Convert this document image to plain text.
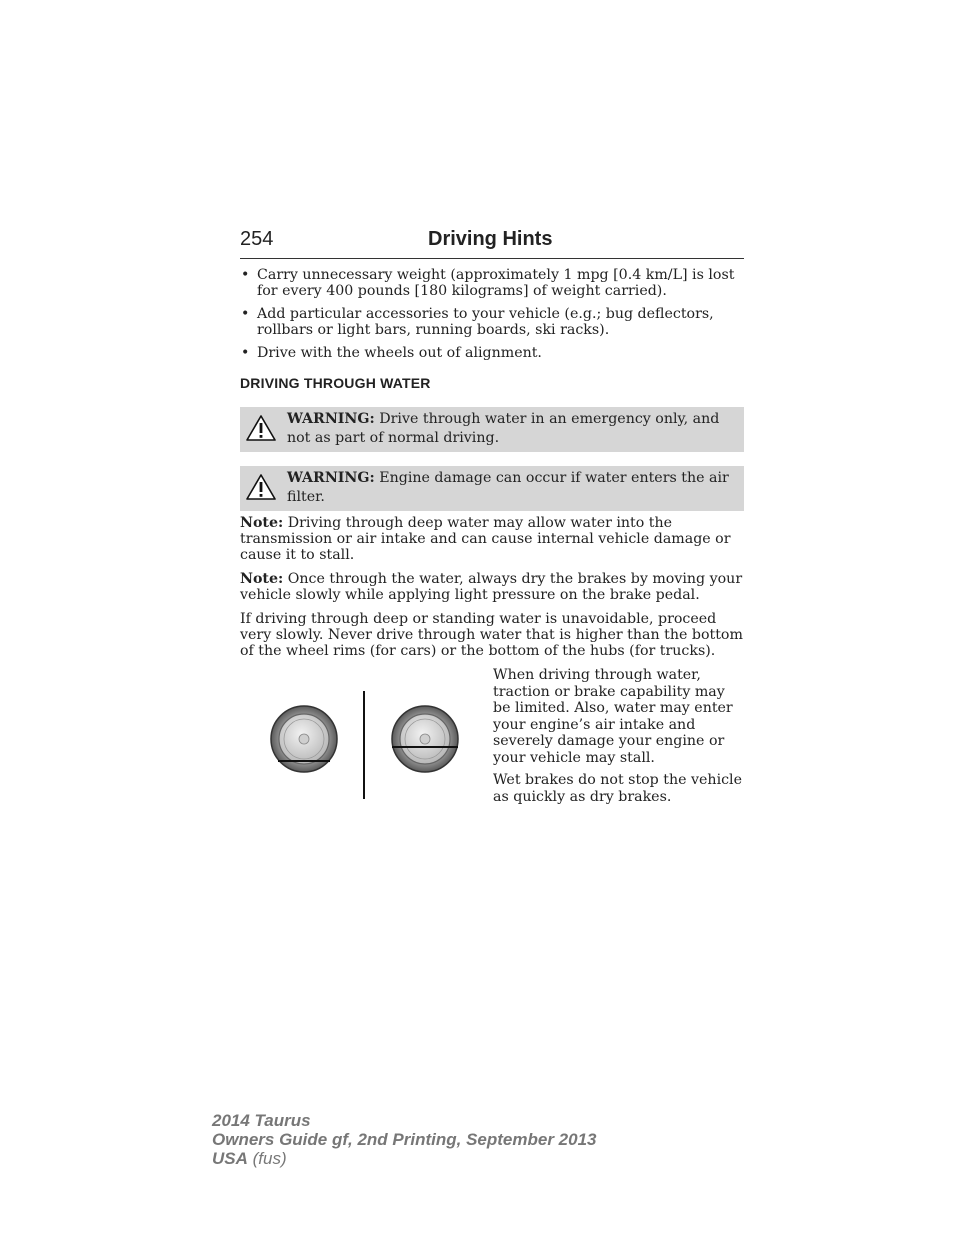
254	Driving Hints
• Carry unnecessary weight (approximately 1 mpg [0.4 km/L] is lost for every 400 pounds [180 kilograms] of weight carried).
• Add particular accessories to your vehicle (e.g.; bug deflectors, rollbars or light bars, running boards, ski racks).
• Drive with the wheels out of alignment.
DRIVING THROUGH WATER
WARNING: Drive through water in an emergency only, and not as part of normal driving.
WARNING: Engine damage can occur if water enters the air filter.

Note: Driving through deep water may allow water into the transmission or air intake and can cause internal vehicle damage or cause it to stall.

Note: Once through the water, always dry the brakes by moving your vehicle slowly while applying light pressure on the brake pedal.

If driving through deep or standing water is unavoidable, proceed very slowly. Never drive through water that is higher than the bottom of the wheel rims (for cars) or the bottom of the hubs (for trucks).

When driving through water, traction or brake capability may be limited. Also, water may enter your engine’s air intake and severely damage your engine or your vehicle may stall.

Wet brakes do not stop the vehicle as quickly as dry brakes.

2014 Taurus
Owners Guide gf, 2nd Printing, September 2013
USA (fus)
